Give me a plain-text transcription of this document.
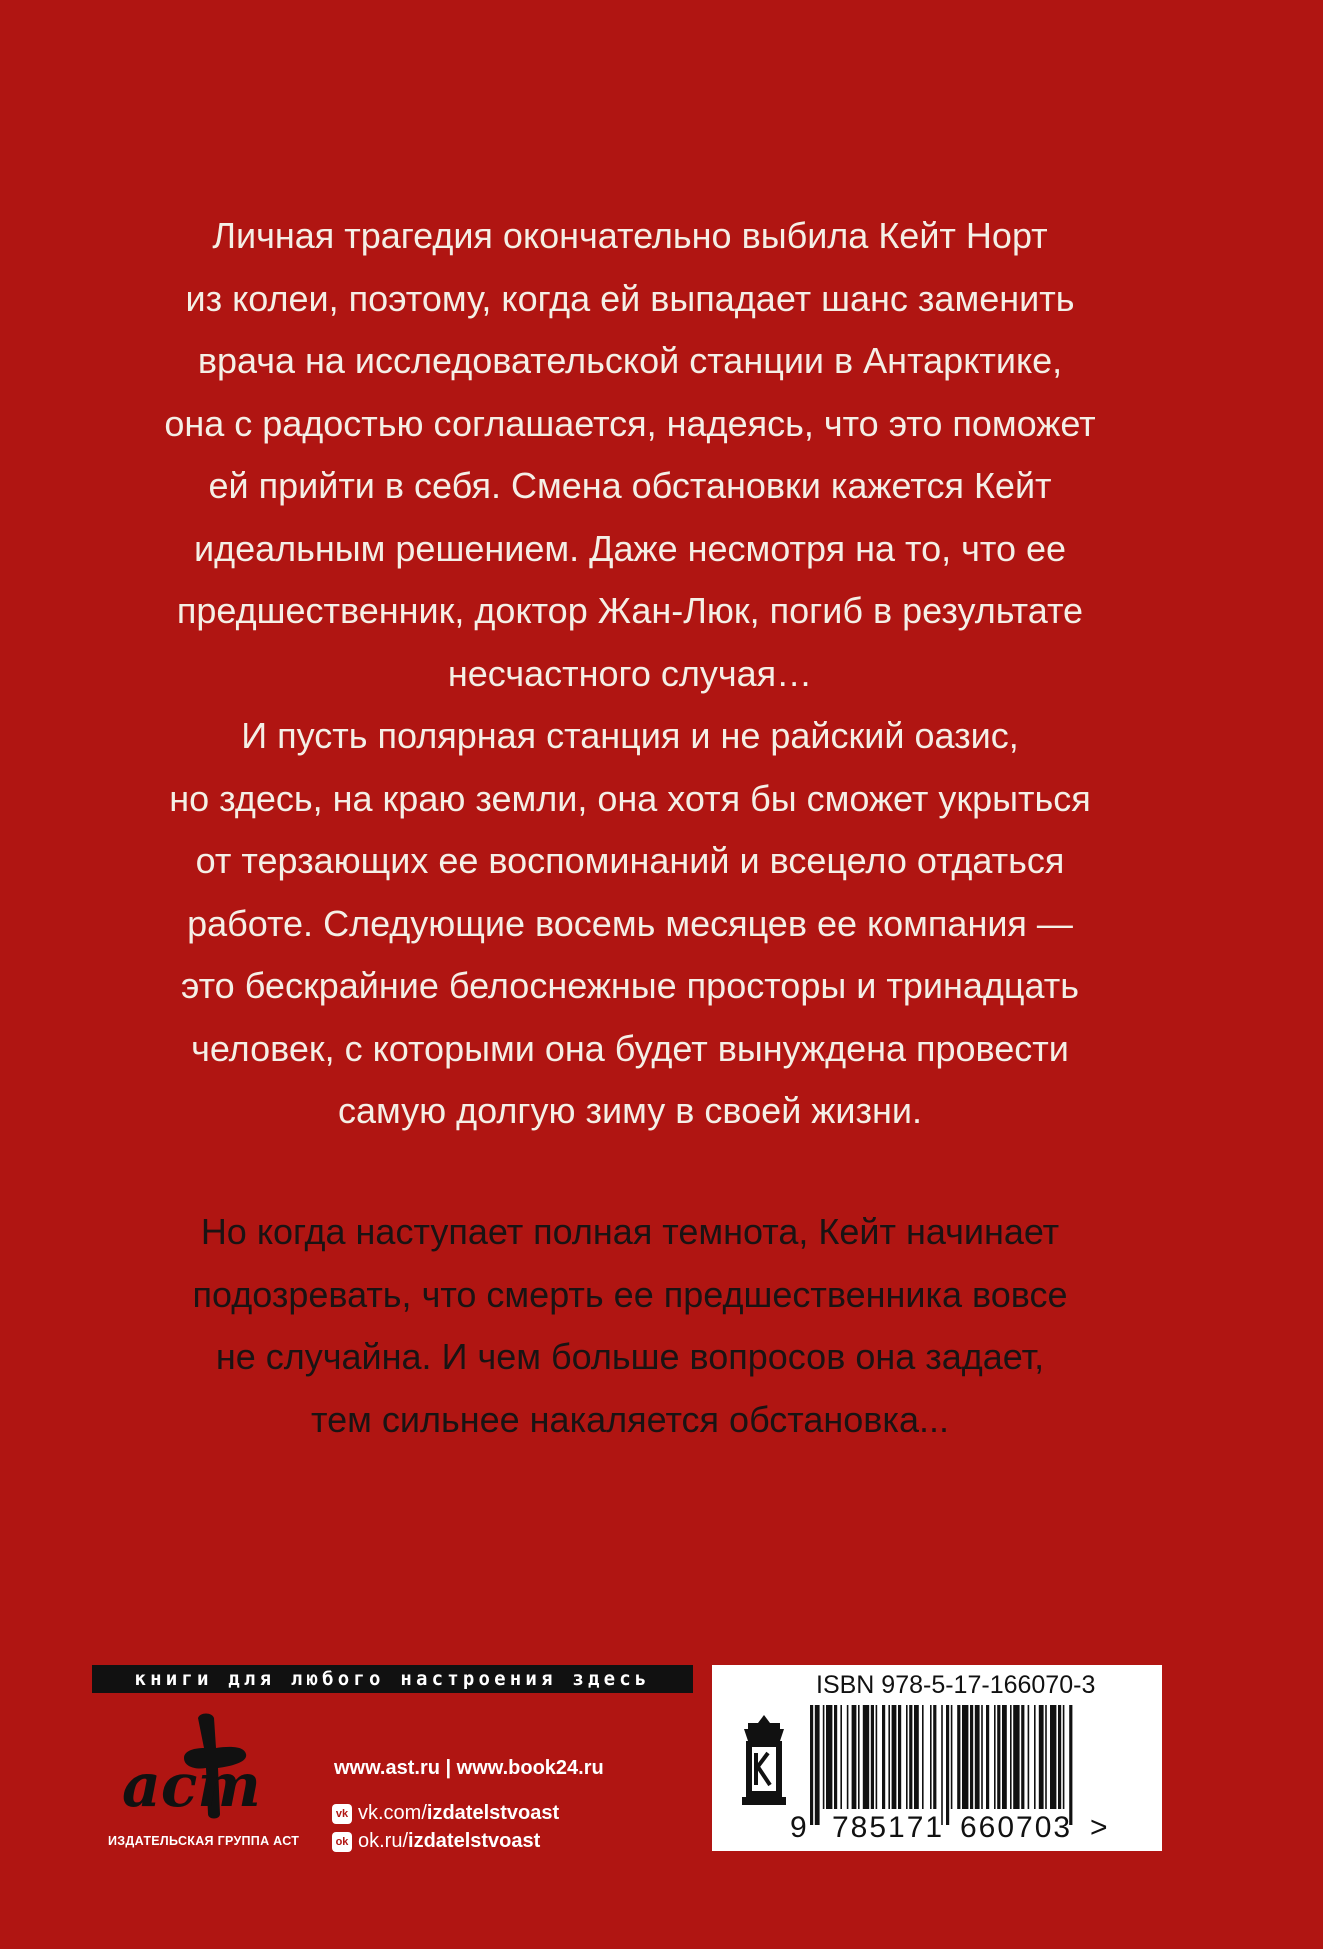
Личная трагедия окончательно выбила Кейт Норт
из колеи, поэтому, когда ей выпадает шанс заменить
врача на исследовательской станции в Антарктике,
она с радостью соглашается, надеясь, что это поможет
ей прийти в себя. Смена обстановки кажется Кейт
идеальным решением. Даже несмотря на то, что ее
предшественник, доктор Жан-Люк, погиб в результате
несчастного случая…
И пусть полярная станция и не райский оазис,
но здесь, на краю земли, она хотя бы сможет укрыться
от терзающих ее воспоминаний и всецело отдаться
работе. Следующие восемь месяцев ее компания —
это бескрайние белоснежные просторы и тринадцать
человек, с которыми она будет вынуждена провести
самую долгую зиму в своей жизни.
Но когда наступает полная темнота, Кейт начинает
подозревать, что смерть ее предшественника вовсе
не случайна. И чем больше вопросов она задает,
тем сильнее накаляется обстановка...
книги для любого настроения здесь
аст
ИЗДАТЕЛЬСКАЯ ГРУППА АСТ
www.ast.ru | www.book24.ru
vk vk.com/ izdatelstvoast
ok ok.ru/ izdatelstvoast
ISBN 978-5-17-166070-3
9 785171 660703 >
